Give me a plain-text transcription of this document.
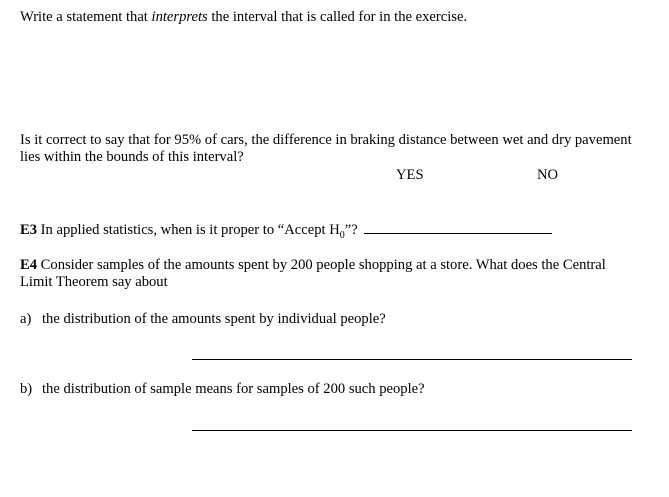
Write a statement that interprets the interval that is called for in the exercise.
Is it correct to say that for 95% of cars, the difference in braking distance between wet and dry pavement lies within the bounds of this interval?
YES	NO
E3 In applied statistics, when is it proper to “Accept $H_0$”?
E4 Consider samples of the amounts spent by 200 people shopping at a store. What does the Central Limit Theorem say about
a) the distribution of the amounts spent by individual people?
b) the distribution of sample means for samples of 200 such people?
